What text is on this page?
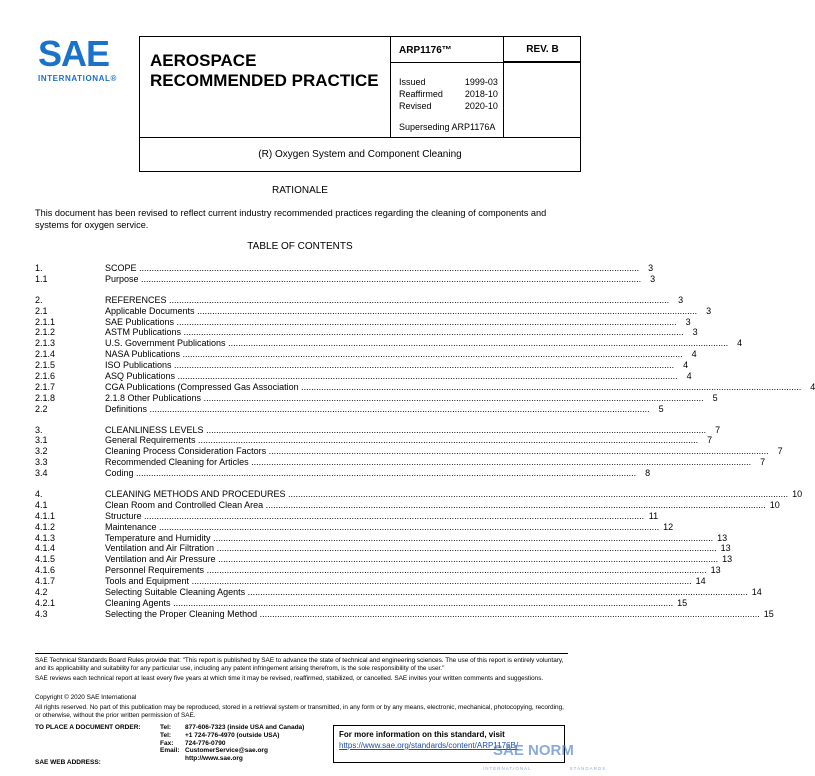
SAE
INTERNATIONAL®
AEROSPACE
RECOMMENDED PRACTICE
ARP1176™	REV. B
Issued	1999-03
Reaffirmed	2018-10
Revised	2020-10
Superseding ARP1176A
(R) Oxygen System and Component Cleaning
RATIONALE
This document has been revised to reflect current industry recommended practices regarding the cleaning of components and systems for oxygen service.
TABLE OF CONTENTS
1.	SCOPE ........................................................................................................................................................................................................ 3
1.1	Purpose ........................................................................................................................................................................................................ 3
2.	REFERENCES ........................................................................................................................................................................................................ 3
2.1	Applicable Documents ........................................................................................................................................................................................................ 3
2.1.1	SAE Publications ........................................................................................................................................................................................................ 3
2.1.2	ASTM Publications ........................................................................................................................................................................................................ 3
2.1.3	U.S. Government Publications ........................................................................................................................................................................................................ 4
2.1.4	NASA Publications ........................................................................................................................................................................................................ 4
2.1.5	ISO Publications ........................................................................................................................................................................................................ 4
2.1.6	ASQ Publications ........................................................................................................................................................................................................ 4
2.1.7	CGA Publications (Compressed Gas Association ........................................................................................................................................................................................................ 4
2.1.8	2.1.8 Other Publications ........................................................................................................................................................................................................ 5
2.2	Definitions ........................................................................................................................................................................................................ 5
3.	CLEANLINESS LEVELS ........................................................................................................................................................................................................ 7
3.1	General Requirements ........................................................................................................................................................................................................ 7
3.2	Cleaning Process Consideration Factors ........................................................................................................................................................................................................ 7
3.3	Recommended Cleaning for Articles ........................................................................................................................................................................................................ 7
3.4	Coding ........................................................................................................................................................................................................ 8
4.	CLEANING METHODS AND PROCEDURES ........................................................................................................................................................................................................ 10
4.1	Clean Room and Controlled Clean Area ........................................................................................................................................................................................................ 10
4.1.1	Structure ........................................................................................................................................................................................................ 11
4.1.2	Maintenance ........................................................................................................................................................................................................ 12
4.1.3	Temperature and Humidity ........................................................................................................................................................................................................ 13
4.1.4	Ventilation and Air Filtration ........................................................................................................................................................................................................ 13
4.1.5	Ventilation and Air Pressure ........................................................................................................................................................................................................ 13
4.1.6	Personnel Requirements ........................................................................................................................................................................................................ 13
4.1.7	Tools and Equipment ........................................................................................................................................................................................................ 14
4.2	Selecting Suitable Cleaning Agents ........................................................................................................................................................................................................ 14
4.2.1	Cleaning Agents ........................................................................................................................................................................................................ 15
4.3	Selecting the Proper Cleaning Method ........................................................................................................................................................................................................ 15
SAE Technical Standards Board Rules provide that: "This report is published by SAE to advance the state of technical and engineering sciences. The use of this report is entirely voluntary, and its applicability and suitability for any particular use, including any patent infringement arising therefrom, is the sole responsibility of the user."
SAE reviews each technical report at least every five years at which time it may be revised, reaffirmed, stabilized, or cancelled. SAE invites your written comments and suggestions.
Copyright © 2020 SAE International
All rights reserved. No part of this publication may be reproduced, stored in a retrieval system or transmitted, in any form or by any means, electronic, mechanical, photocopying, recording, or otherwise, without the prior written permission of SAE.
TO PLACE A DOCUMENT ORDER:	Tel:	877-606-7323 (inside USA and Canada)
Tel:	+1 724-776-4970 (outside USA)
Fax:	724-776-0790
Email:	CustomerService@sae.org
	http://www.sae.org
SAE WEB ADDRESS:
For more information on this standard, visit
https://www.sae.org/standards/content/ARP1176B/
SAE NORM
INTERNATIONAL	STANDARDS
